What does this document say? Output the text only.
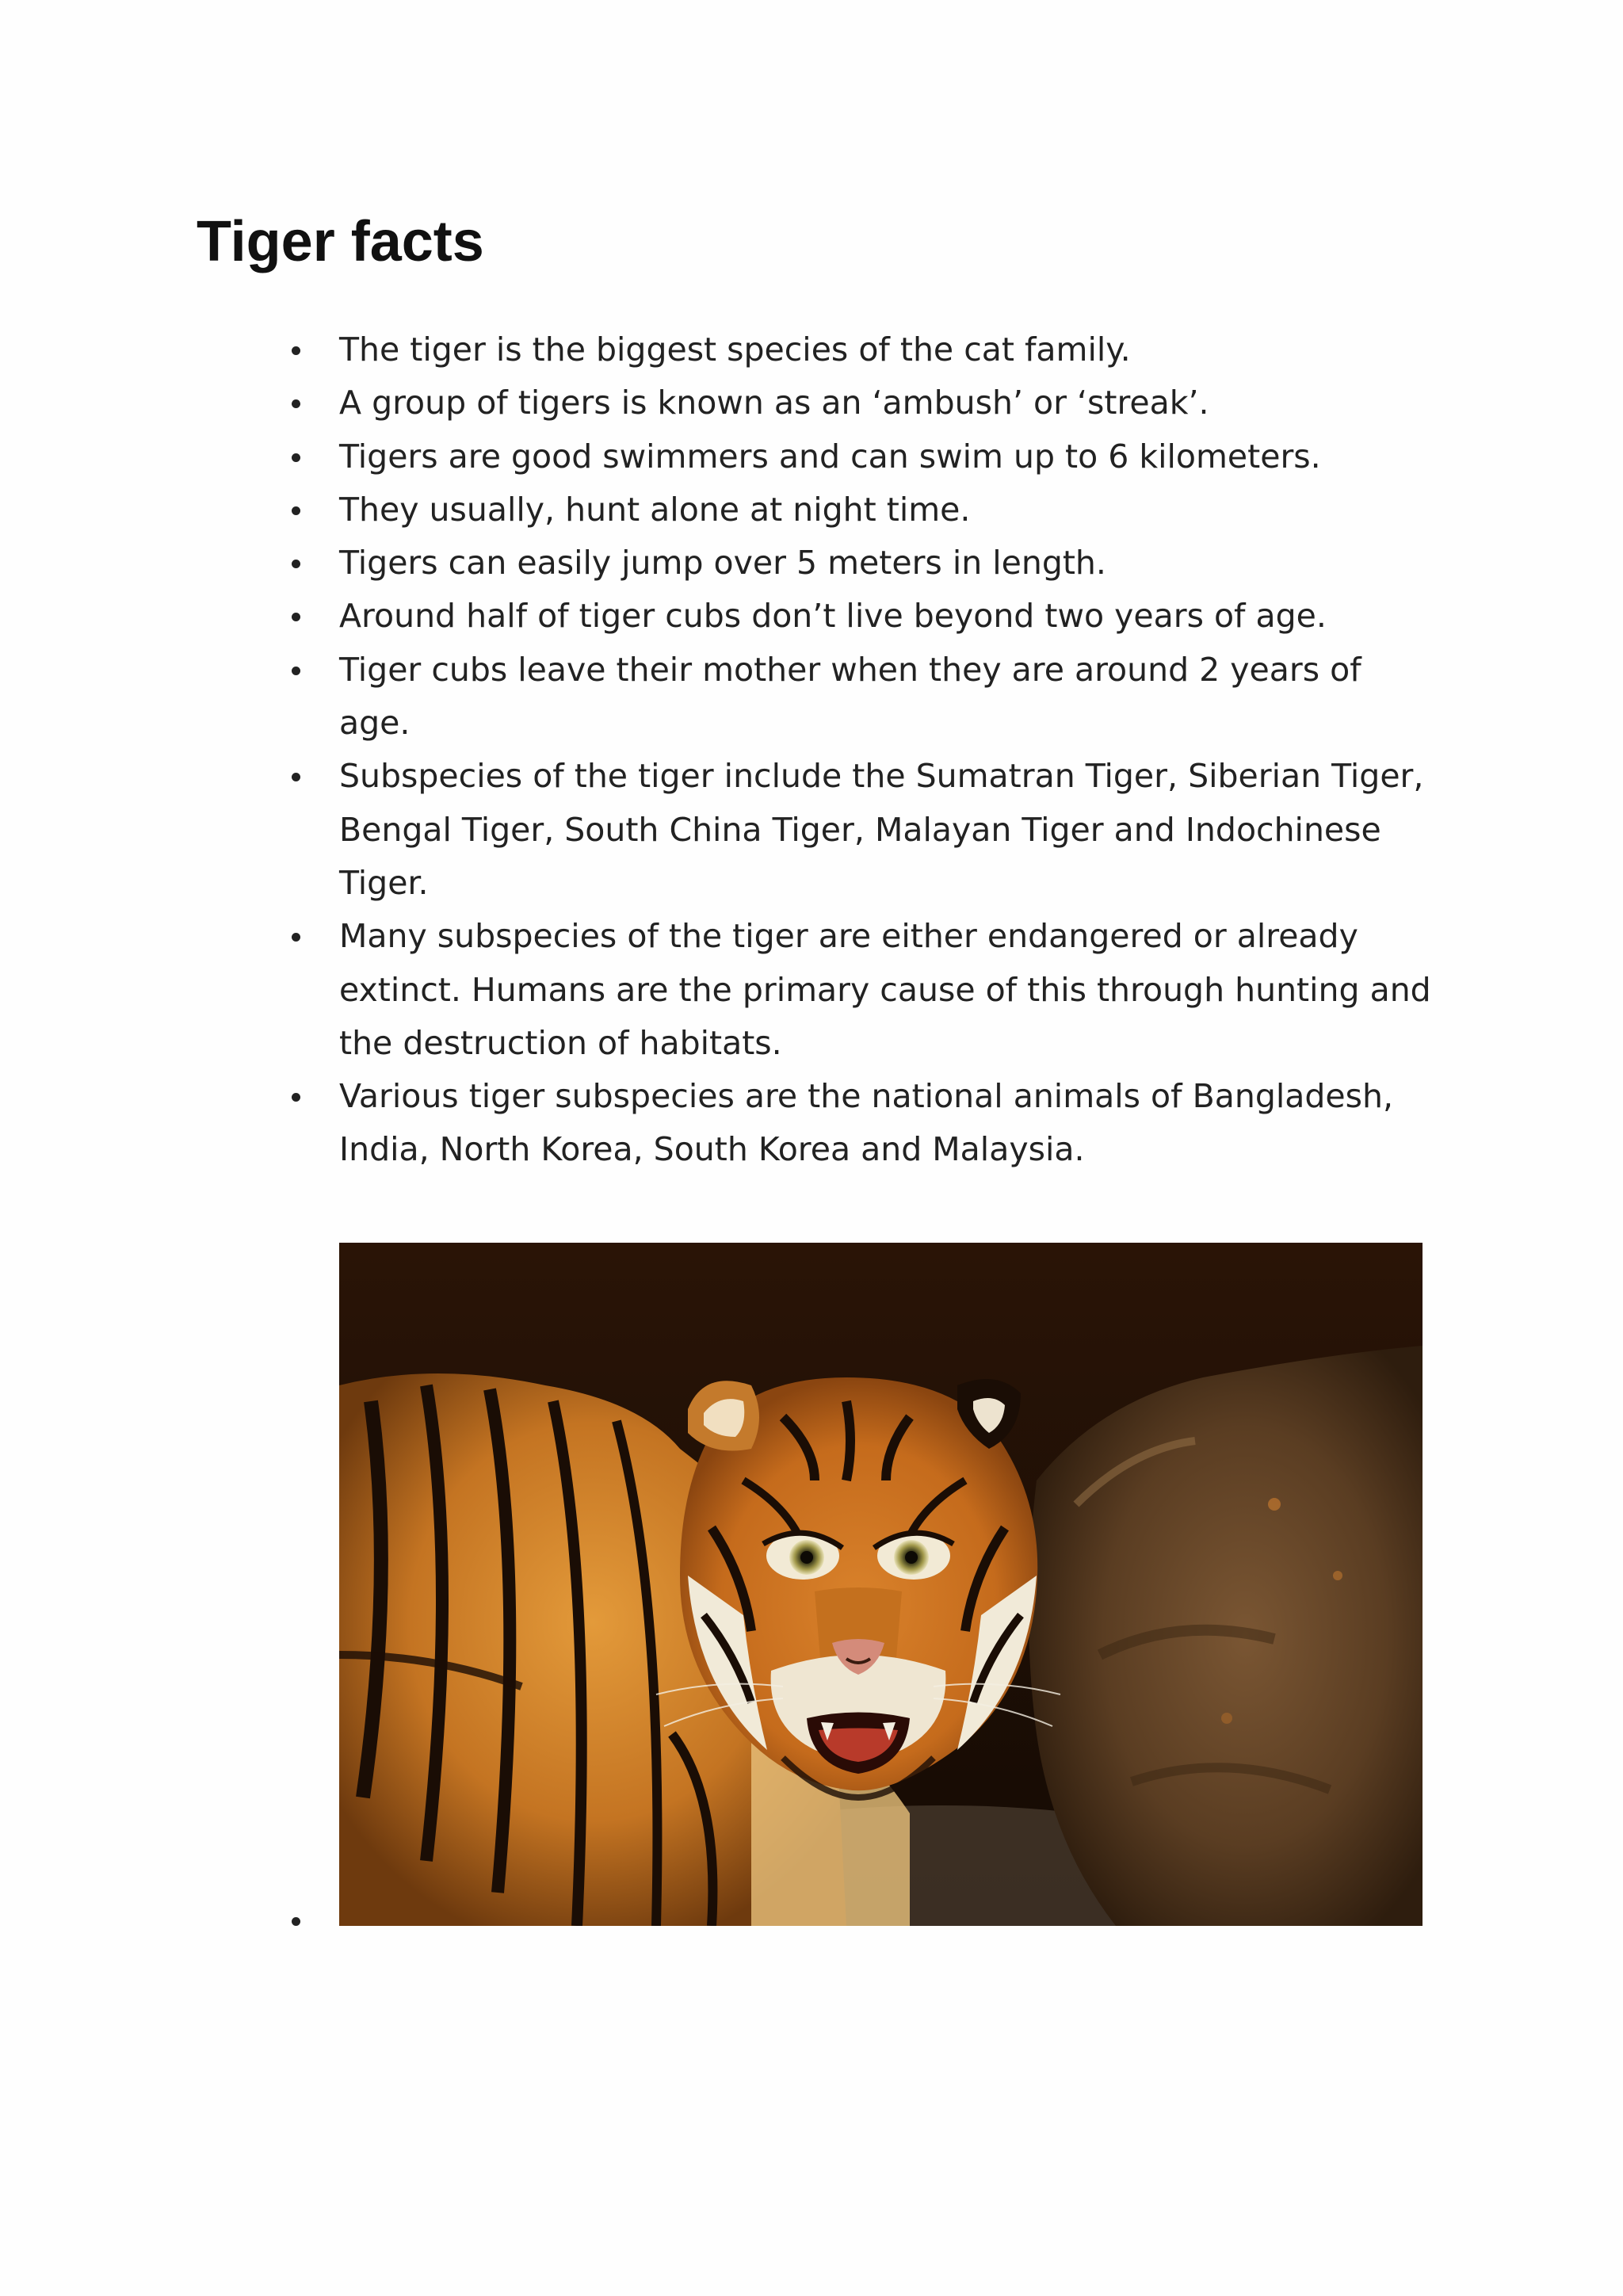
Tiger facts
The tiger is the biggest species of the cat family.
A group of tigers is known as an ‘ambush’ or ‘streak’.
Tigers are good swimmers and can swim up to 6 kilometers.
They usually, hunt alone at night time.
Tigers can easily jump over 5 meters in length.
Around half of tiger cubs don’t live beyond two years of age.
Tiger cubs leave their mother when they are around 2 years of age.
Subspecies of the tiger include the Sumatran Tiger, Siberian Tiger, Bengal Tiger, South China Tiger, Malayan Tiger and Indochinese Tiger.
Many subspecies of the tiger are either endangered or already extinct. Humans are the primary cause of this through hunting and the destruction of habitats.
Various tiger subspecies are the national animals of Bangladesh, India, North Korea, South Korea and Malaysia.
